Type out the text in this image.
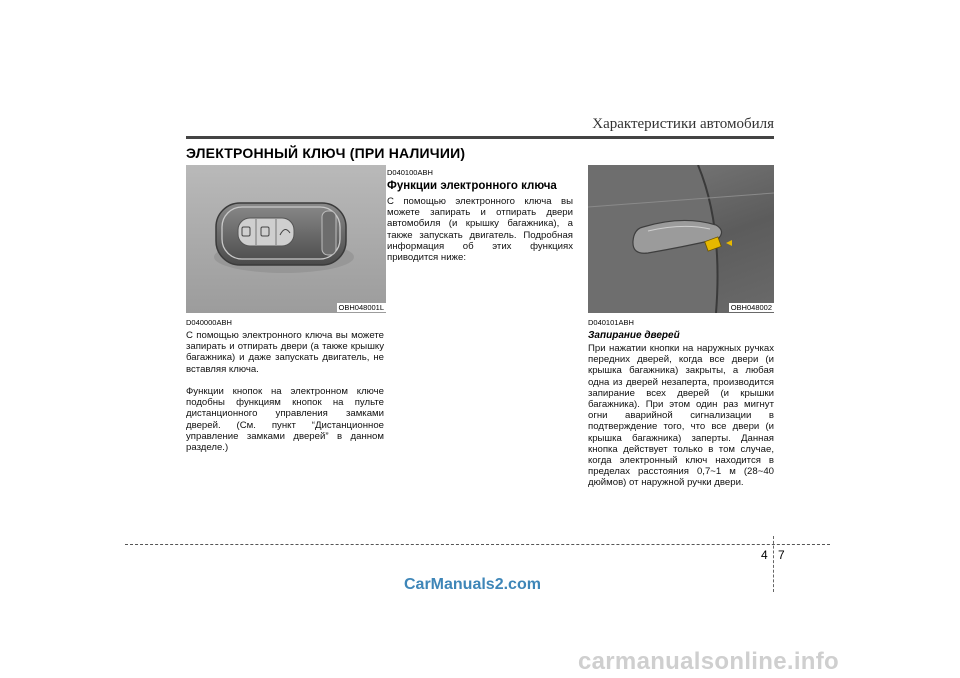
Характеристики автомобиля
ЭЛЕКТРОННЫЙ КЛЮЧ (ПРИ НАЛИЧИИ)
OBH048001L	OBH048002
D040000ABH
С помощью электронного ключа вы можете запирать и отпирать двери (а также крышку багажника) и даже запускать двигатель, не вставляя ключа.
Функции кнопок на электронном ключе подобны функциям кнопок на пульте дистанционного управления замками дверей. (См. пункт “Дистанционное управление замками дверей” в данном разделе.)
D040100ABH
Функции электронного ключа
С помощью электронного ключа вы можете запирать и отпирать двери автомобиля (и крышку багажника), а также запускать двигатель. Подробная информация об этих функциях приводится ниже:
D040101ABH
Запирание дверей
При нажатии кнопки на наружных ручках передних дверей, когда все двери (и крышка багажника) закрыты, а любая одна из дверей незаперта, производится запирание всех дверей (и крышки багажника). При этом один раз мигнут огни аварийной сигнализации в подтверждение того, что все двери (и крышка багажника) заперты. Данная кнопка действует только в том случае, когда электронный ключ находится в пределах расстояния 0,7~1 м (28~40 дюймов) от наружной ручки двери.
4 7
CarManuals2.com
carmanualsonline.info
